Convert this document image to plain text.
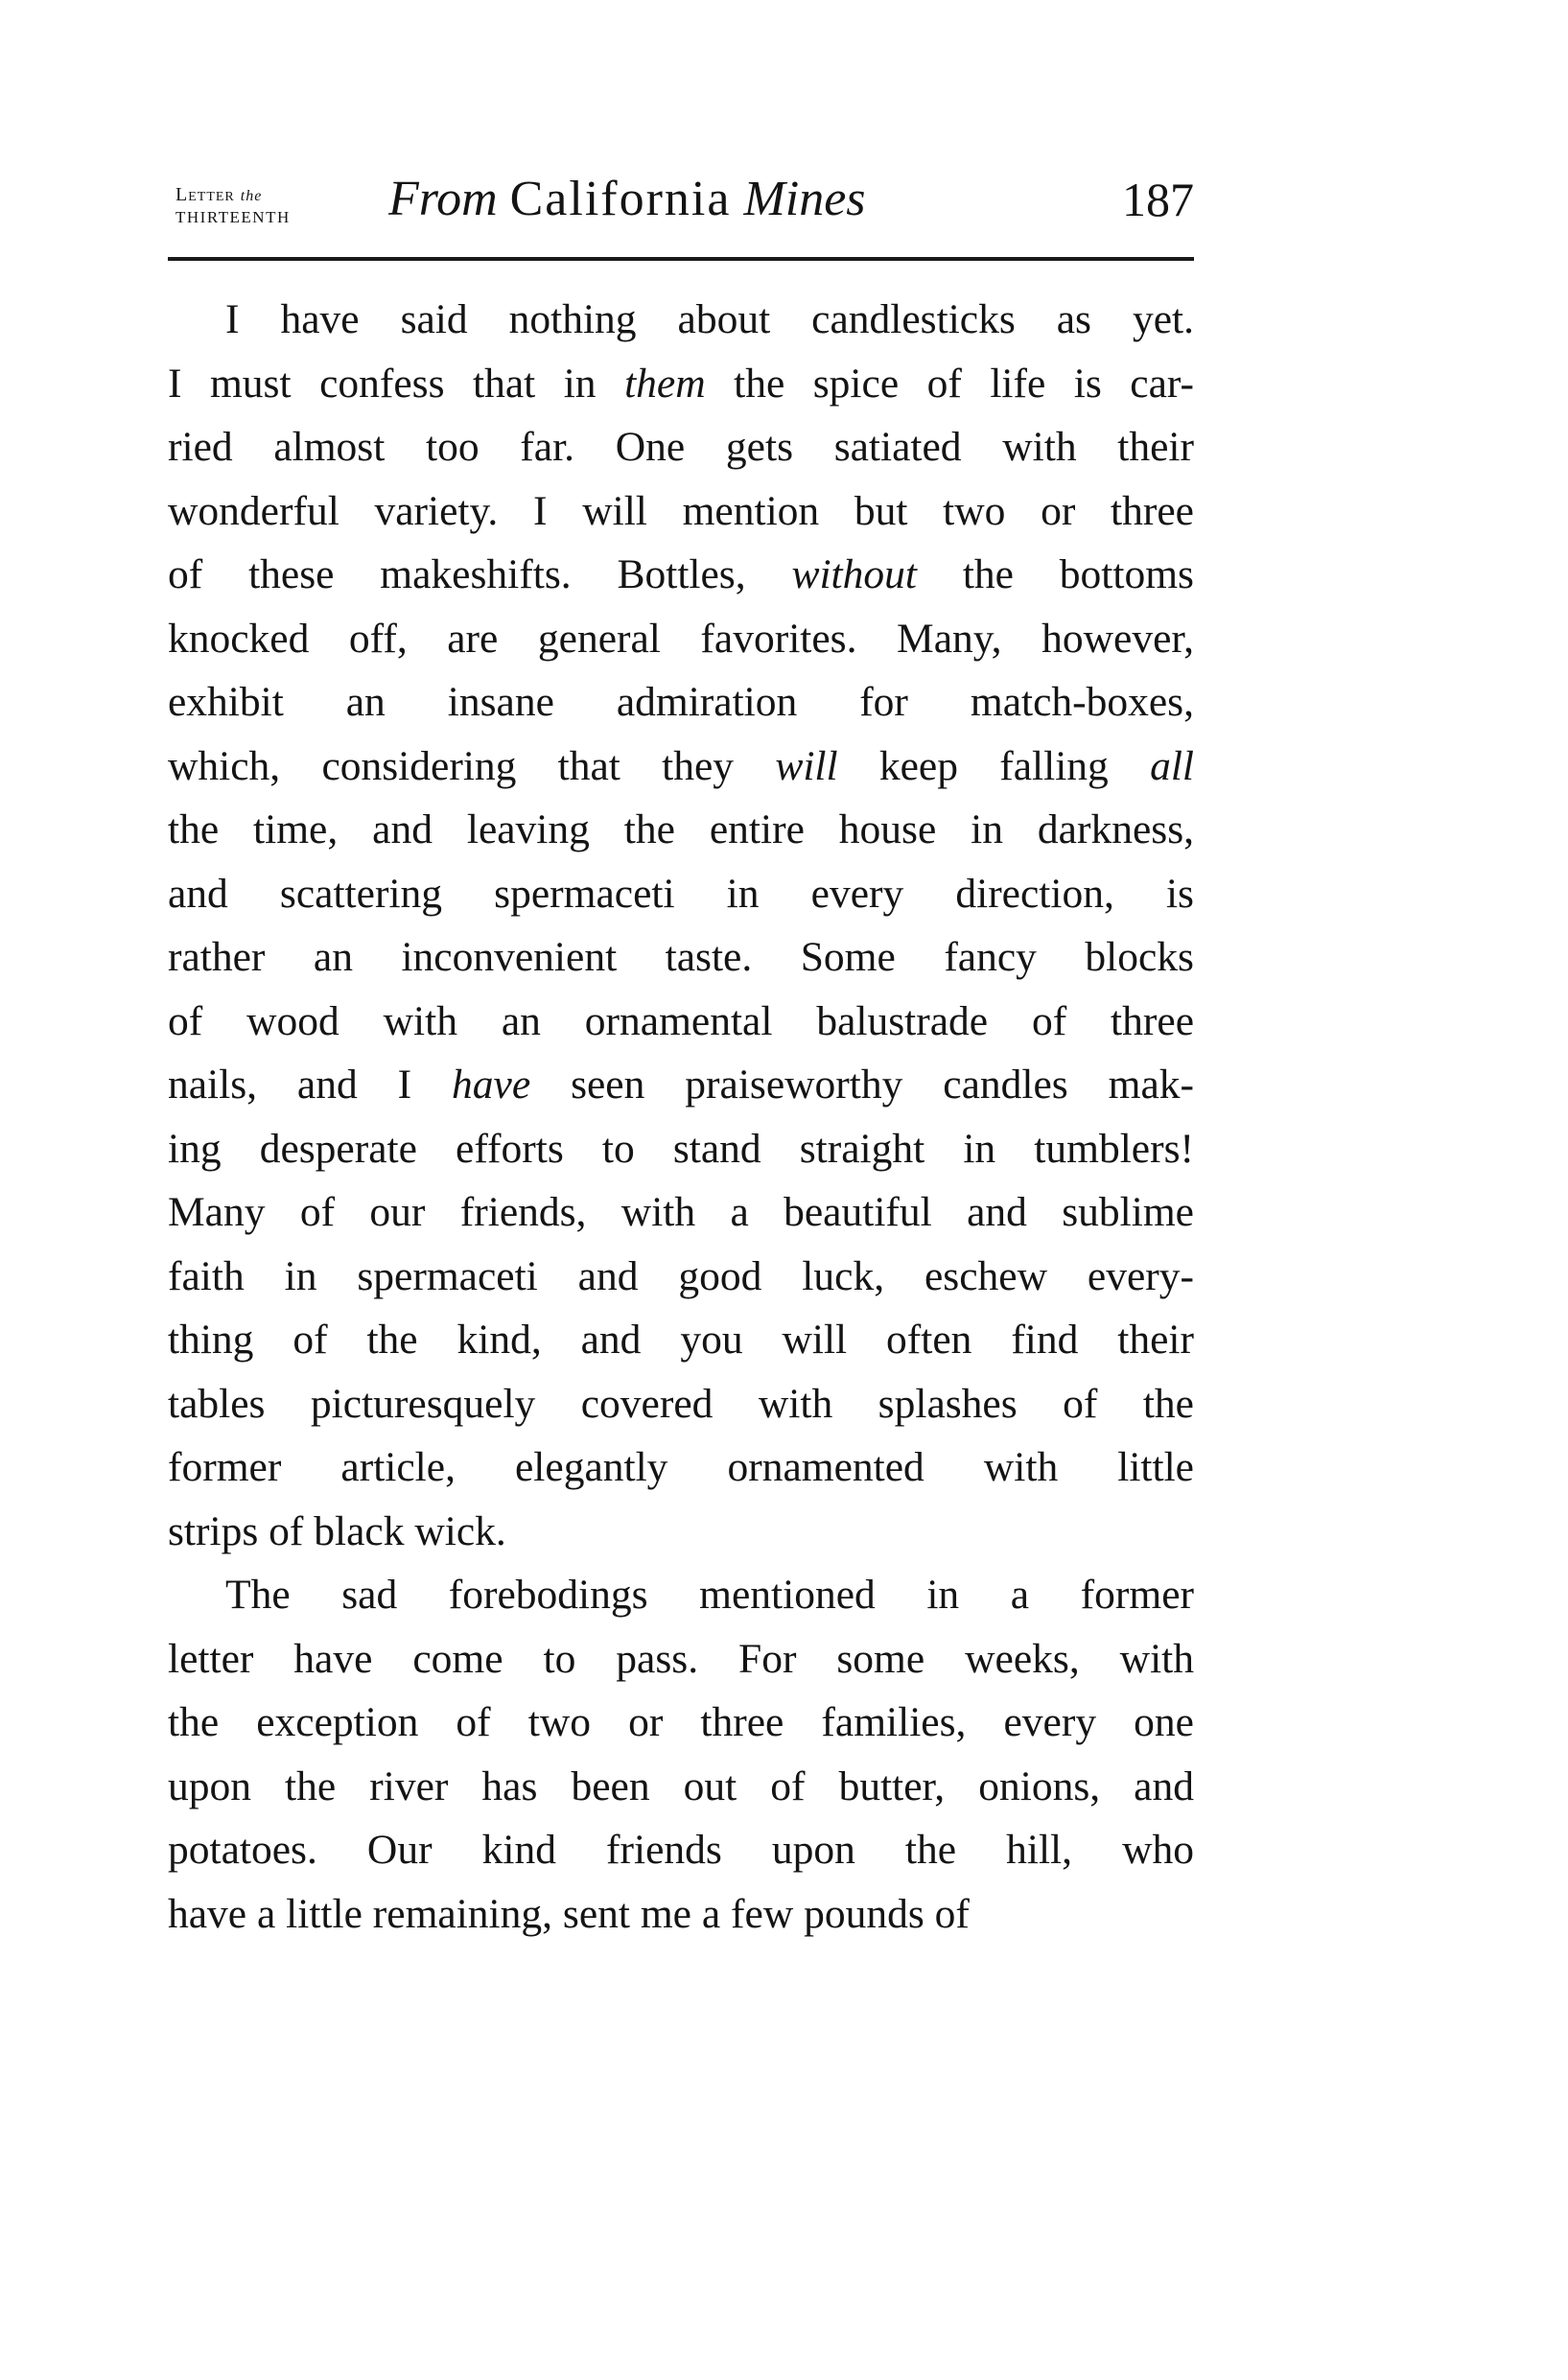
Letter the
THIRTEENTH From California Mines	187
I have said nothing about candlesticks as yet.
I must confess that in them the spice of life is car-
ried almost too far. One gets satiated with their
wonderful variety. I will mention but two or three
of these makeshifts. Bottles, without the bottoms
knocked off, are general favorites. Many, however,
exhibit an insane admiration for match-boxes,
which, considering that they will keep falling all
the time, and leaving the entire house in darkness,
and scattering spermaceti in every direction, is
rather an inconvenient taste. Some fancy blocks
of wood with an ornamental balustrade of three
nails, and I have seen praiseworthy candles mak-
ing desperate efforts to stand straight in tumblers!
Many of our friends, with a beautiful and sublime
faith in spermaceti and good luck, eschew every-
thing of the kind, and you will often find their
tables picturesquely covered with splashes of the
former article, elegantly ornamented with little
strips of black wick.
The sad forebodings mentioned in a former
letter have come to pass. For some weeks, with
the exception of two or three families, every one
upon the river has been out of butter, onions, and
potatoes. Our kind friends upon the hill, who
have a little remaining, sent me a few pounds of
